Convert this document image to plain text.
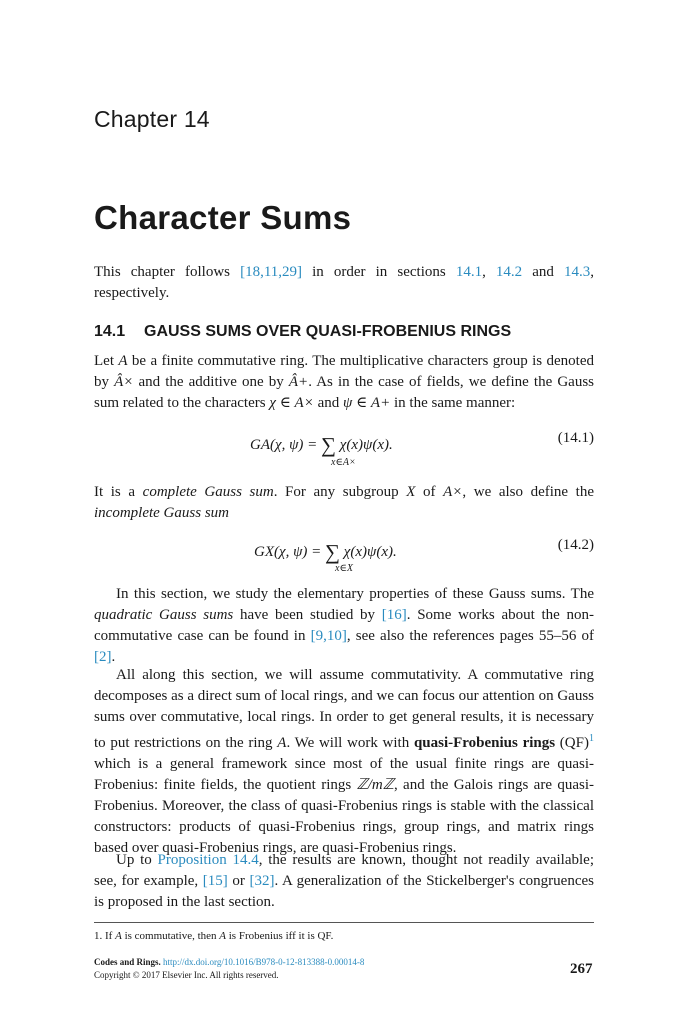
Chapter 14
Character Sums
This chapter follows [18,11,29] in order in sections 14.1, 14.2 and 14.3, respectively.
14.1 GAUSS SUMS OVER QUASI-FROBENIUS RINGS
Let A be a finite commutative ring. The multiplicative characters group is denoted by Â× and the additive one by Â+. As in the case of fields, we define the Gauss sum related to the characters χ ∈ A× and ψ ∈ A+ in the same manner:
GA(χ, ψ) = ∑ χ(x)ψ(x).
x∈A×
(14.1)
It is a complete Gauss sum. For any subgroup X of A×, we also define the incomplete Gauss sum
GX(χ, ψ) = ∑ χ(x)ψ(x).
x∈X
(14.2)
In this section, we study the elementary properties of these Gauss sums. The quadratic Gauss sums have been studied by [16]. Some works about the non-commutative case can be found in [9,10], see also the references pages 55–56 of [2].
All along this section, we will assume commutativity. A commutative ring decomposes as a direct sum of local rings, and we can focus our attention on Gauss sums over commutative, local rings. In order to get general results, it is necessary to put restrictions on the ring A. We will work with quasi-Frobenius rings (QF)$^1$ which is a general framework since most of the usual finite rings are quasi-Frobenius: finite fields, the quotient rings ℤ/mℤ, and the Galois rings are quasi-Frobenius. Moreover, the class of quasi-Frobenius rings is stable with the classical constructors: products of quasi-Frobenius rings, group rings, and matrix rings based over quasi-Frobenius rings, are quasi-Frobenius rings.
Up to Proposition 14.4, the results are known, thought not readily available; see, for example, [15] or [32]. A generalization of the Stickelberger's congruences is proposed in the last section.
1. If A is commutative, then A is Frobenius iff it is QF.
Codes and Rings. http://dx.doi.org/10.1016/B978-0-12-813388-0.00014-8
Copyright © 2017 Elsevier Inc. All rights reserved.	267
